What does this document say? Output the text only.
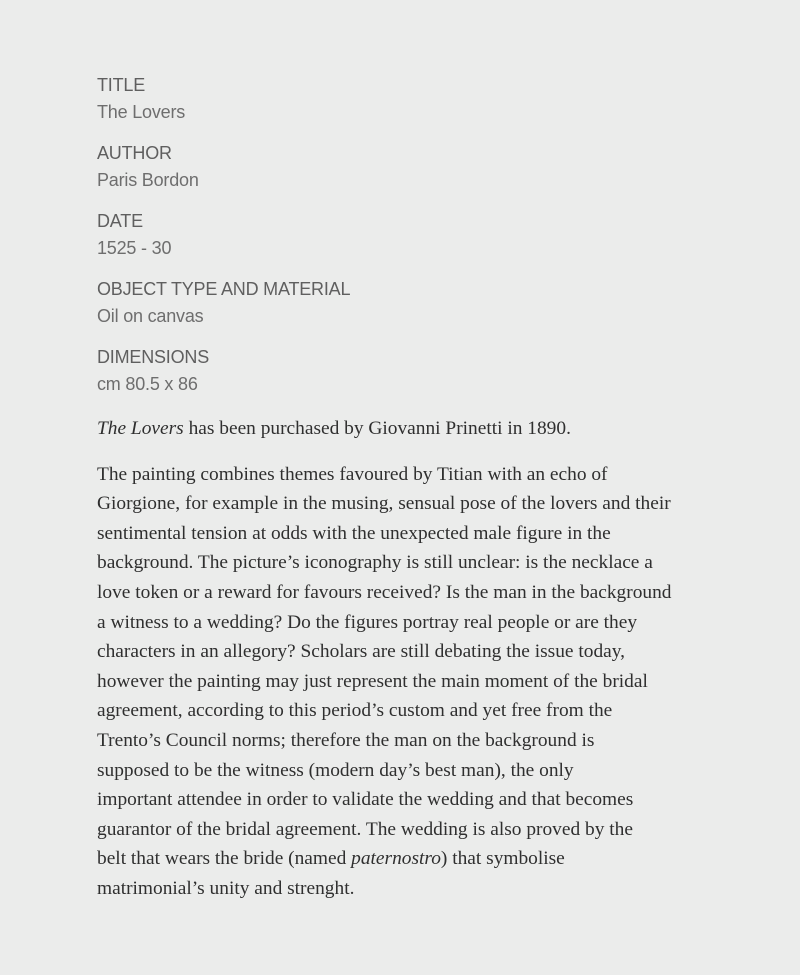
TITLE
The Lovers
AUTHOR
Paris Bordon
DATE
1525 - 30
OBJECT TYPE AND MATERIAL
Oil on canvas
DIMENSIONS
cm 80.5 x 86

The Lovers has been purchased by Giovanni Prinetti in 1890.

The painting combines themes favoured by Titian with an echo of
Giorgione, for example in the musing, sensual pose of the lovers and their
sentimental tension at odds with the unexpected male figure in the
background. The picture’s iconography is still unclear: is the necklace a
love token or a reward for favours received? Is the man in the background
a witness to a wedding? Do the figures portray real people or are they
characters in an allegory? Scholars are still debating the issue today,
however the painting may just represent the main moment of the bridal
agreement, according to this period’s custom and yet free from the
Trento’s Council norms; therefore the man on the background is
supposed to be the witness (modern day’s best man), the only
important attendee in order to validate the wedding and that becomes
guarantor of the bridal agreement. The wedding is also proved by the
belt that wears the bride (named paternostro) that symbolise
matrimonial’s unity and strenght.
